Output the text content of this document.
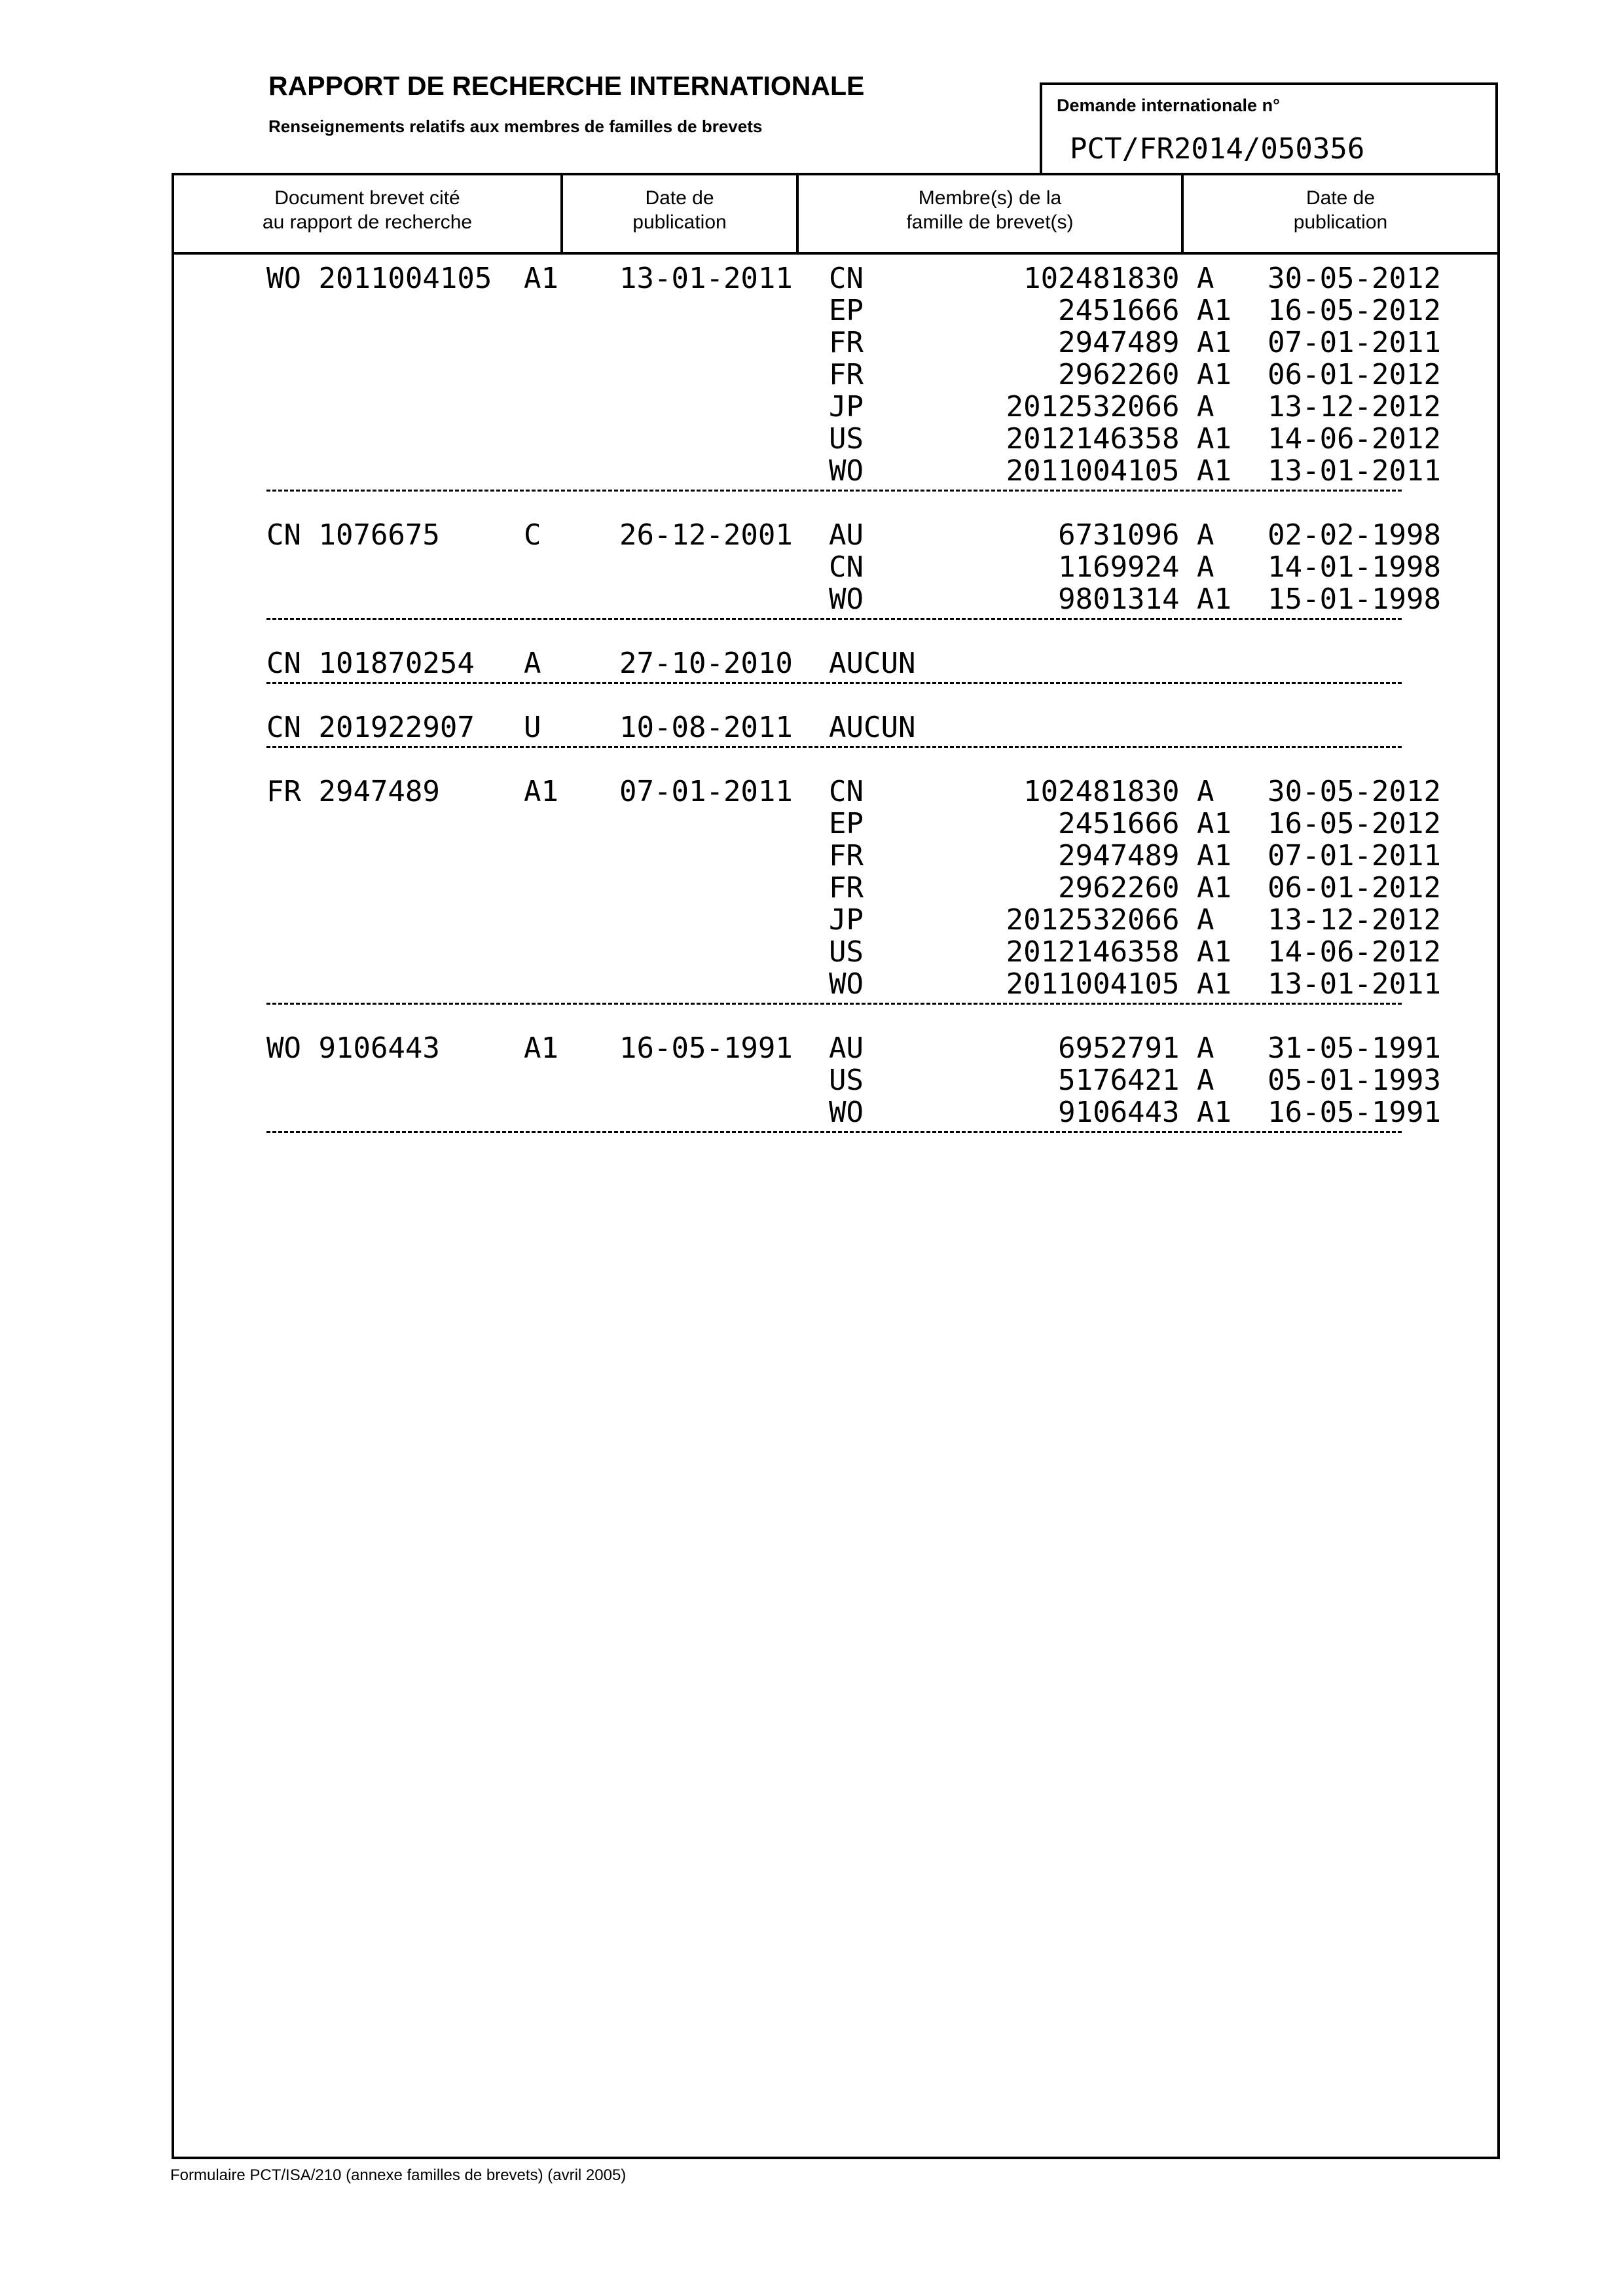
RAPPORT DE RECHERCHE INTERNATIONALE
Renseignements relatifs aux membres de familles de brevets
Demande internationale n°
PCT/FR2014/050356
Document brevet cité
au rapport de recherche
Date de
publication
Membre(s) de la
famille de brevet(s)
Date de
publication
WO 2011004105 A1 13-01-2011 CN	102481830 A	30-05-2012
EP	2451666 A1	16-05-2012
FR	2947489 A1	07-01-2011
FR	2962260 A1	06-01-2012
JP	2012532066 A	13-12-2012
US	2012146358 A1	14-06-2012
WO	2011004105 A1	13-01-2011
CN 1076675	C	26-12-2001 AU	6731096 A	02-02-1998
CN	1169924 A	14-01-1998
WO	9801314 A1	15-01-1998
CN 101870254 A	27-10-2010 AUCUN
CN 201922907 U	10-08-2011 AUCUN
FR 2947489	A1 07-01-2011 CN	102481830 A	30-05-2012
EP	2451666 A1	16-05-2012
FR	2947489 A1	07-01-2011
FR	2962260 A1	06-01-2012
JP	2012532066 A	13-12-2012
US	2012146358 A1	14-06-2012
WO	2011004105 A1	13-01-2011
WO 9106443	A1 16-05-1991 AU	6952791 A	31-05-1991
US	5176421 A	05-01-1993
WO	9106443 A1	16-05-1991
Formulaire PCT/ISA/210 (annexe familles de brevets) (avril 2005)
